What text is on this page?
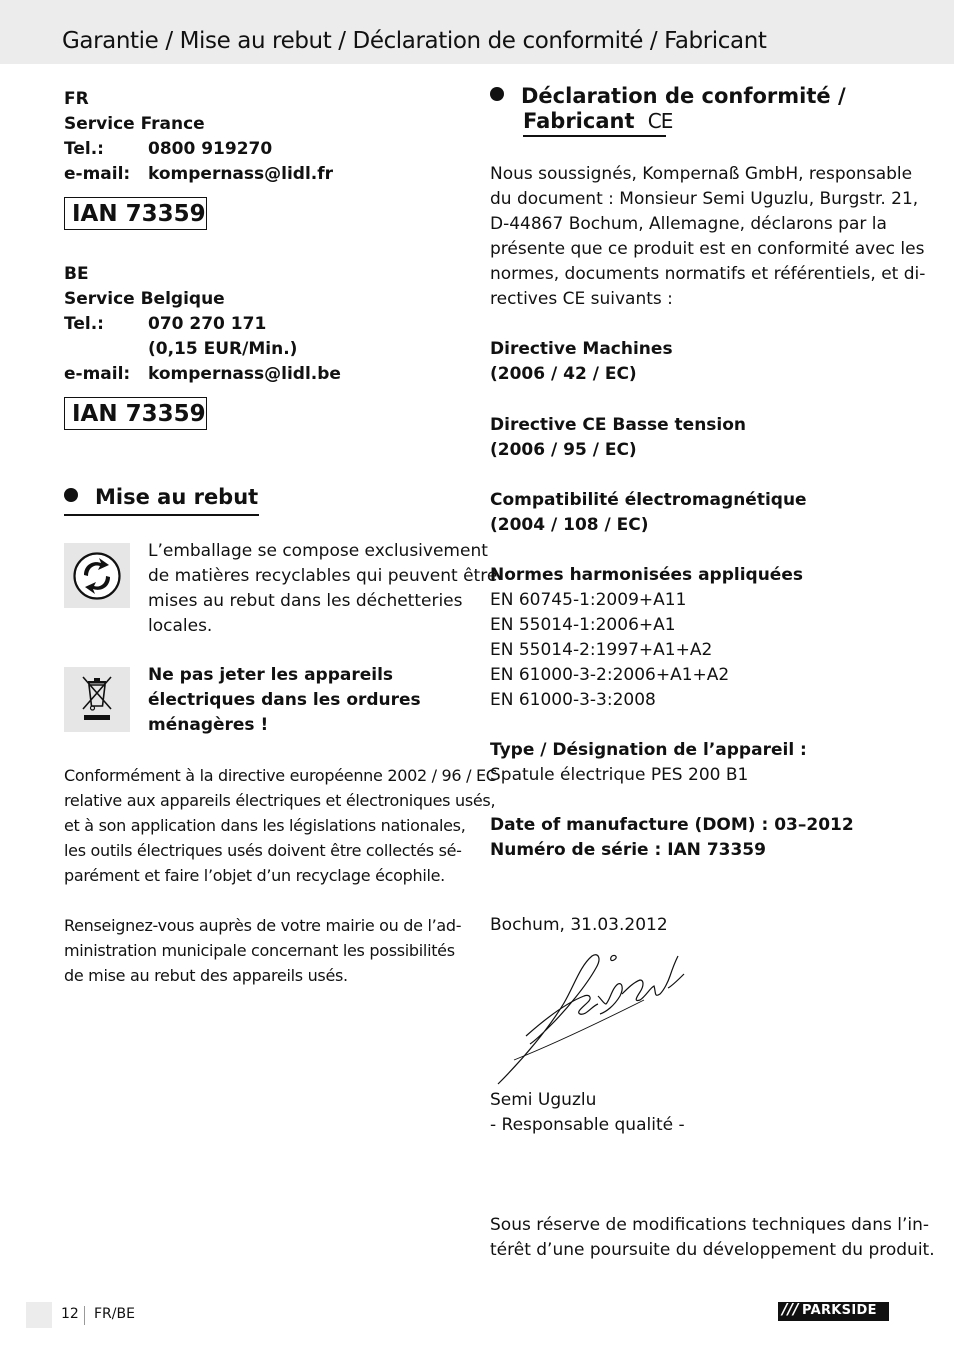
Garantie / Mise au rebut / Déclaration de conformité / Fabricant
FR
Service France
Tel.:	0800 919270
e-mail:	kompernass@lidl.fr
IAN 73359
BE
Service Belgique
Tel.:	070 270 171
(0,15 EUR/Min.)
e-mail:	kompernass@lidl.be
IAN 73359
Mise au rebut
L’emballage se compose exclusivement
de matières recyclables qui peuvent être
mises au rebut dans les déchetteries
locales.
Ne pas jeter les appareils
électriques dans les ordures
ménagères !
Conformément à la directive européenne 2002 / 96 / EC
relative aux appareils électriques et électroniques usés,
et à son application dans les législations nationales,
les outils électriques usés doivent être collectés sé-
parément et faire l’objet d’un recyclage écophile.
Renseignez-vous auprès de votre mairie ou de l’ad-
ministration municipale concernant les possibilités
de mise au rebut des appareils usés.
Déclaration de conformité /
Fabricant CE
Nous soussignés, Kompernaß GmbH, responsable
du document : Monsieur Semi Uguzlu, Burgstr. 21,
D-44867 Bochum, Allemagne, déclarons par la
présente que ce produit est en conformité avec les
normes, documents normatifs et référentiels, et di-
rectives CE suivants :
Directive Machines
(2006 / 42 / EC)
Directive CE Basse tension
(2006 / 95 / EC)
Compatibilité électromagnétique
(2004 / 108 / EC)
Normes harmonisées appliquées
EN 60745-1:2009+A11
EN 55014-1:2006+A1
EN 55014-2:1997+A1+A2
EN 61000-3-2:2006+A1+A2
EN 61000-3-3:2008
Type / Désignation de l’appareil :
Spatule électrique PES 200 B1
Date of manufacture (DOM) : 03–2012
Numéro de série : IAN 73359
Bochum, 31.03.2012
Semi Uguzlu
- Responsable qualité -
Sous réserve de modifications techniques dans l’in-
térêt d’une poursuite du développement du produit.
12 FR/BE	/// PARKSIDE
